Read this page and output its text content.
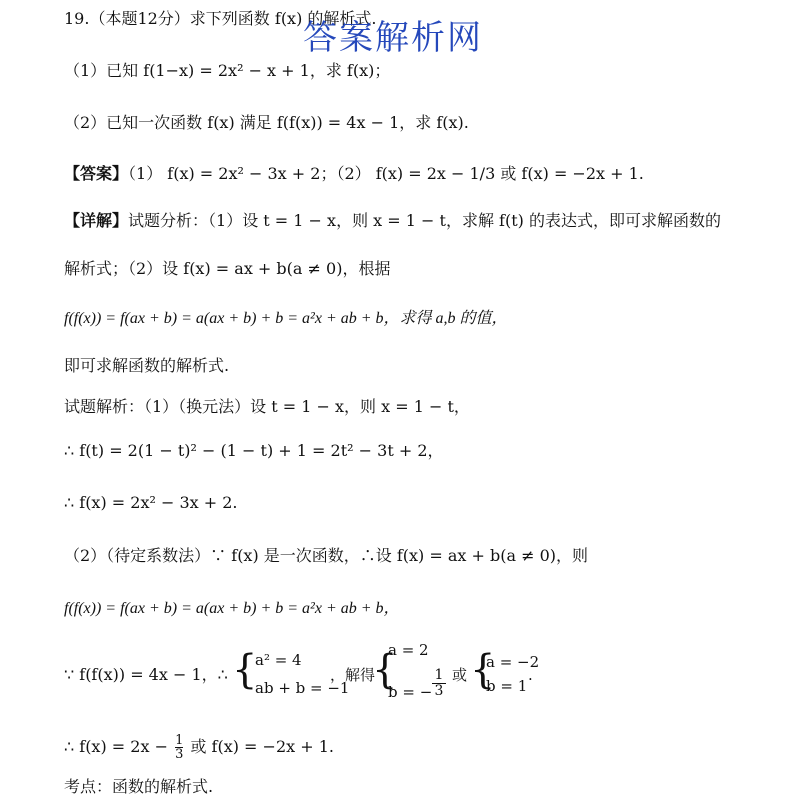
19.（本题12分）求下列函数 f(x) 的解析式.
答案解析网
（1）已知 f(1−x) = 2x² − x + 1，求 f(x)；
（2）已知一次函数 f(x) 满足 f(f(x)) = 4x − 1，求 f(x).
【答案】（1） f(x) = 2x² − 3x + 2；（2） f(x) = 2x − 1/3 或 f(x) = −2x + 1.
【详解】试题分析：（1）设 t = 1 − x，则 x = 1 − t，求解 f(t) 的表达式，即可求解函数的
解析式；（2）设 f(x) = ax + b(a ≠ 0)，根据
f(f(x)) = f(ax + b) = a(ax + b) + b = a²x + ab + b，求得 a,b 的值，
即可求解函数的解析式.
试题解析：（1）（换元法）设 t = 1 − x，则 x = 1 − t，
∴ f(t) = 2(1 − t)² − (1 − t) + 1 = 2t² − 3t + 2，
∴ f(x) = 2x² − 3x + 2.
（2）（待定系数法）∵ f(x) 是一次函数，∴设 f(x) = ax + b(a ≠ 0)，则
f(f(x)) = f(ax + b) = a(ax + b) + b = a²x + ab + b，
∵ f(f(x)) = 4x − 1，∴ {
a² = 4
ab + b = −1
，解得
{
a = 2
b = − $\frac{1}{3}$ 或 {
a = −2
b = 1
.
∴ $f(x) = 2x - \frac{1}{3}$ 或 f(x) = −2x + 1.
考点：函数的解析式.
